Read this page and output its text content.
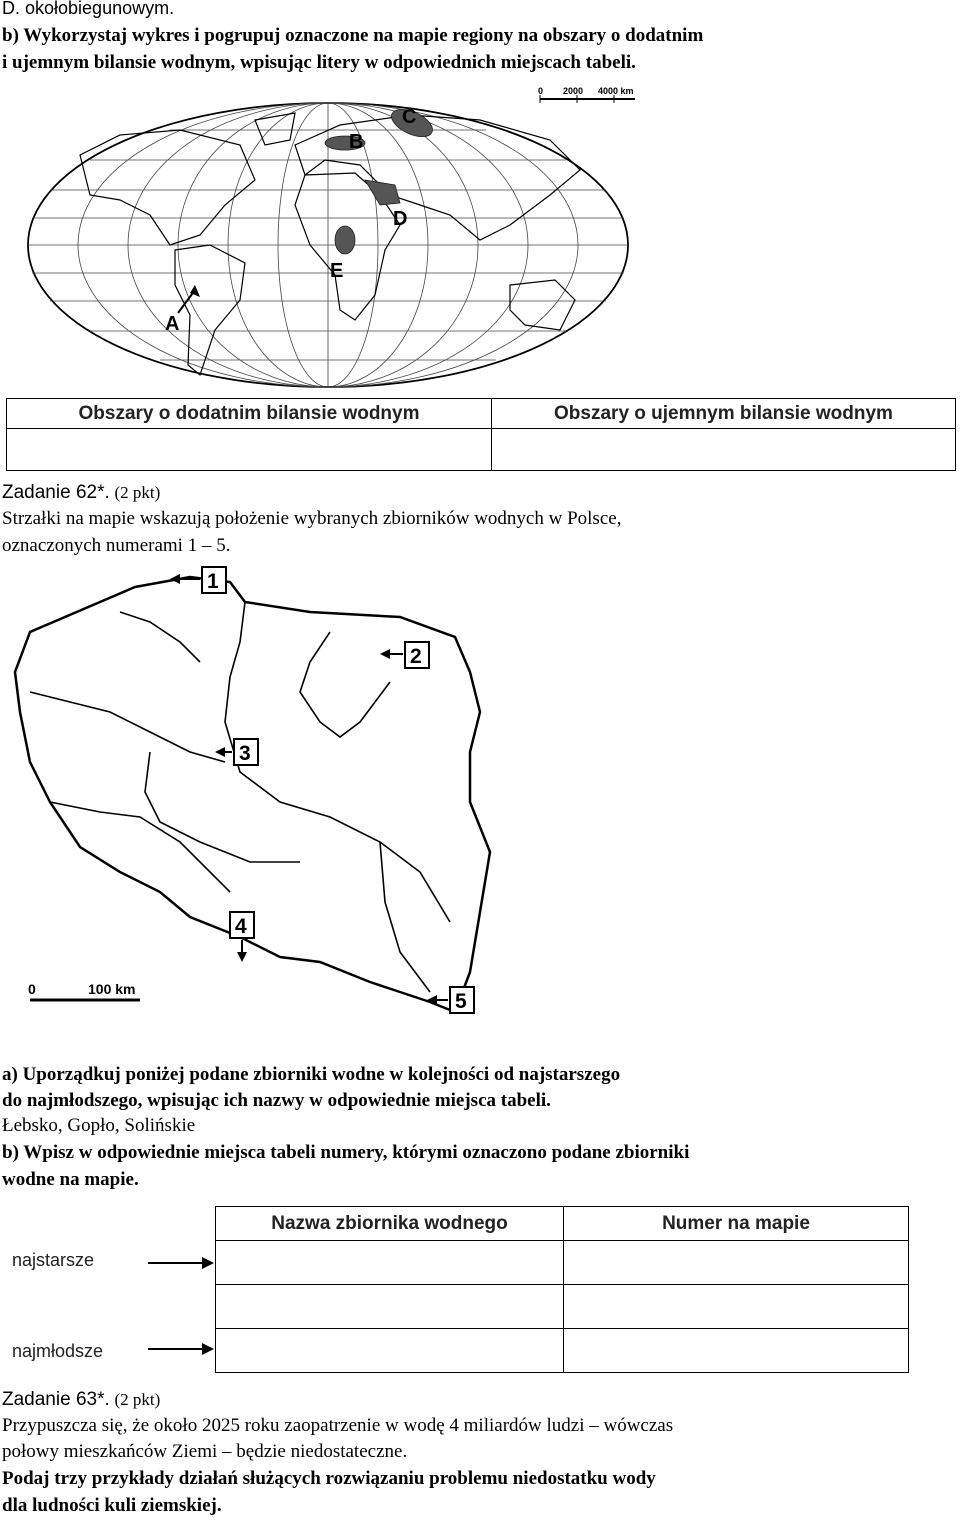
D. okołobiegunowym.
b) Wykorzystaj wykres i pogrupuj oznaczone na mapie regiony na obszary o dodatnim
i ujemnym bilansie wodnym, wpisując litery w odpowiednich miejscach tabeli.
0 2000 4000 km
A
B
C
D
E
Obszary o dodatnim bilansie wodnym	Obszary o ujemnym bilansie wodnym

Zadanie 62*. (2 pkt)
Strzałki na mapie wskazują położenie wybranych zbiorników wodnych w Polsce,
oznaczonych numerami 1 – 5.
1
2
3
4
5
0	100 km
a) Uporządkuj poniżej podane zbiorniki wodne w kolejności od najstarszego
do najmłodszego, wpisując ich nazwy w odpowiednie miejsca tabeli.
Łebsko, Gopło, Solińskie
b) Wpisz w odpowiednie miejsca tabeli numery, którymi oznaczono podane zbiorniki
wodne na mapie.
najstarsze
najmłodsze
Nazwa zbiornika wodnego	Numer na mapie

Zadanie 63*. (2 pkt)
Przypuszcza się, że około 2025 roku zaopatrzenie w wodę 4 miliardów ludzi – wówczas
połowy mieszkańców Ziemi – będzie niedostateczne.
Podaj trzy przykłady działań służących rozwiązaniu problemu niedostatku wody
dla ludności kuli ziemskiej.
